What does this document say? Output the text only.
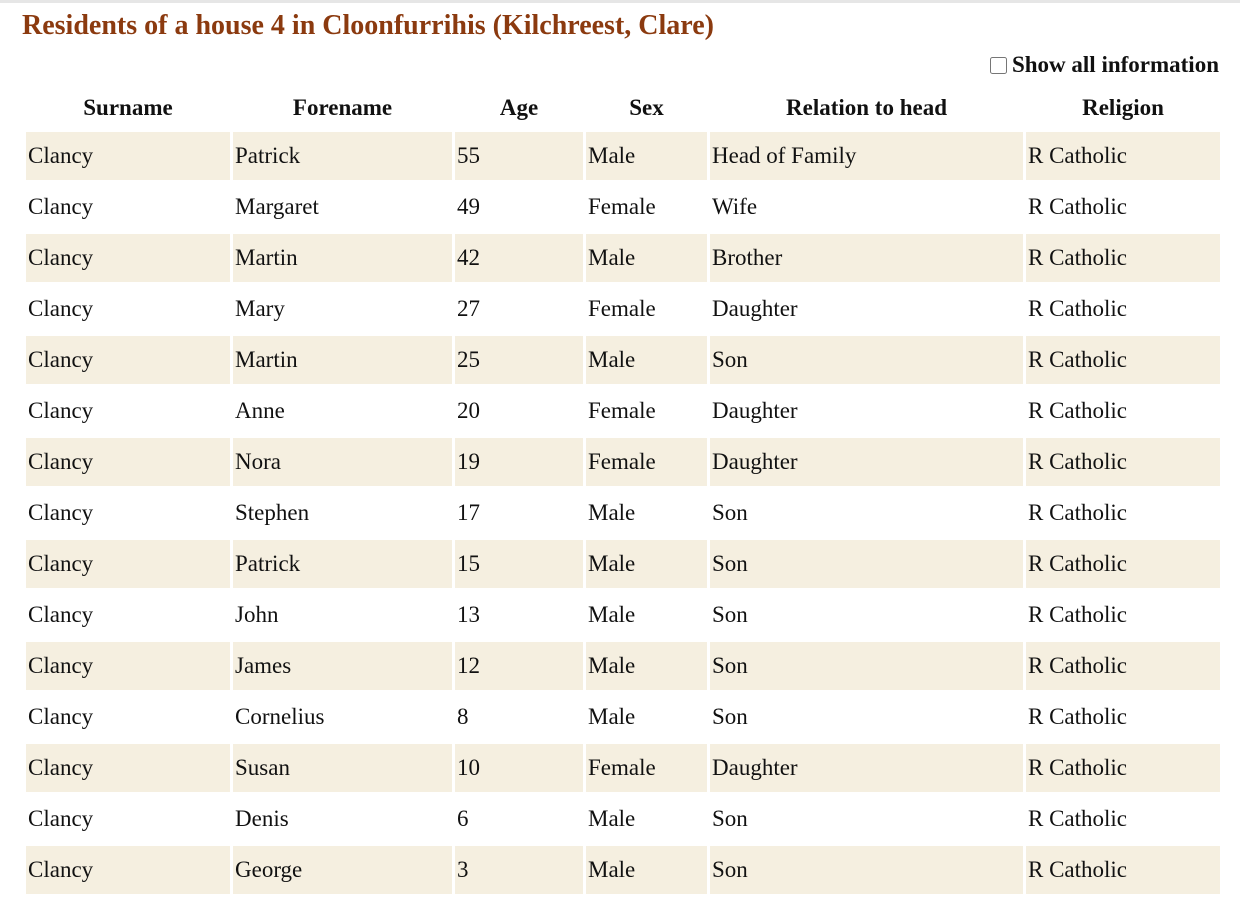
Residents of a house 4 in Cloonfurrihis (Kilchreest, Clare)
Show all information
Surname	Forename	Age	Sex	Relation to head	Religion
Clancy	Patrick	55	Male	Head of Family	R Catholic
Clancy	Margaret	49	Female	Wife	R Catholic
Clancy	Martin	42	Male	Brother	R Catholic
Clancy	Mary	27	Female	Daughter	R Catholic
Clancy	Martin	25	Male	Son	R Catholic
Clancy	Anne	20	Female	Daughter	R Catholic
Clancy	Nora	19	Female	Daughter	R Catholic
Clancy	Stephen	17	Male	Son	R Catholic
Clancy	Patrick	15	Male	Son	R Catholic
Clancy	John	13	Male	Son	R Catholic
Clancy	James	12	Male	Son	R Catholic
Clancy	Cornelius	8	Male	Son	R Catholic
Clancy	Susan	10	Female	Daughter	R Catholic
Clancy	Denis	6	Male	Son	R Catholic
Clancy	George	3	Male	Son	R Catholic
